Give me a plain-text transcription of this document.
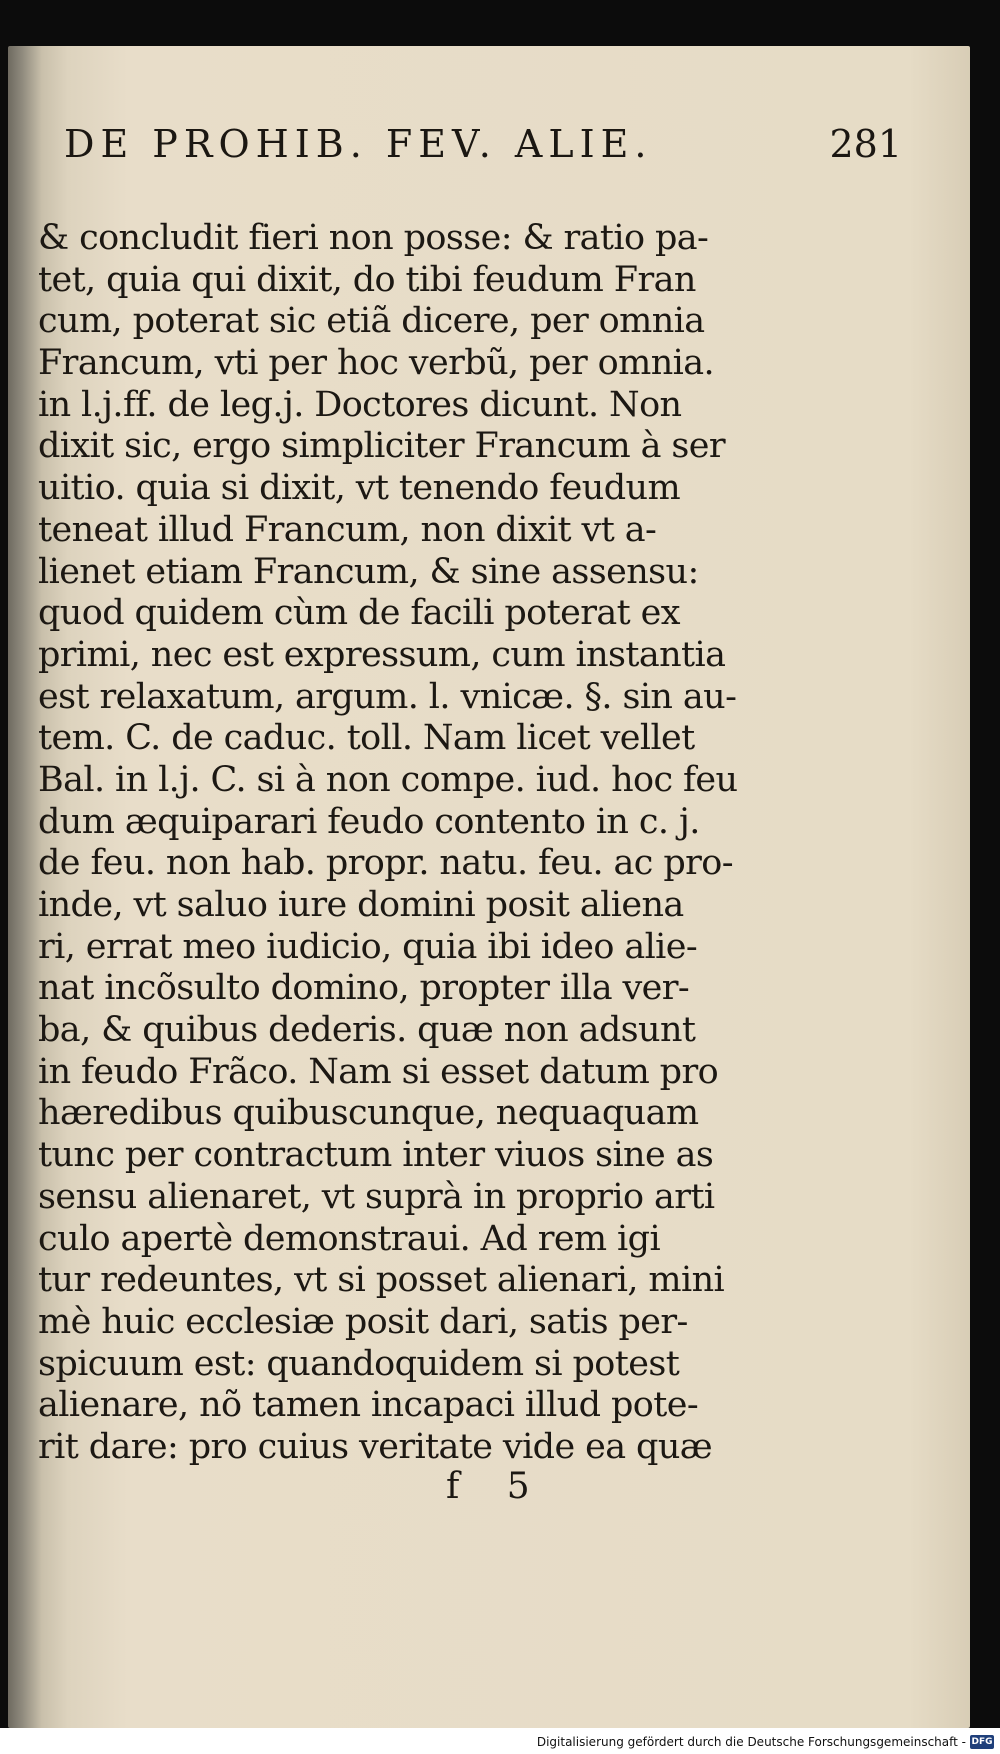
DE PROHIB. FEV. ALIE.	281
& concludit fieri non posse: & ratio pa-
tet, quia qui dixit, do tibi feudum Fran
cum, poterat sic etiã dicere, per omnia
Francum, vti per hoc verbũ, per omnia.
in l.j.ff. de leg.j. Doctores dicunt. Non
dixit sic, ergo simpliciter Francum à ser
uitio. quia si dixit, vt tenendo feudum
teneat illud Francum, non dixit vt a-
lienet etiam Francum, & sine assensu:
quod quidem cùm de facili poterat ex
primi, nec est expressum, cum instantia
est relaxatum, argum. l. vnicæ. §. sin au-
tem. C. de caduc. toll. Nam licet vellet
Bal. in l.j. C. si à non compe. iud. hoc feu
dum æquiparari feudo contento in c. j.
de feu. non hab. propr. natu. feu. ac pro-
inde, vt saluo iure domini posit aliena
ri, errat meo iudicio, quia ibi ideo alie-
nat incõsulto domino, propter illa ver-
ba, & quibus dederis. quæ non adsunt
in feudo Frãco. Nam si esset datum pro
hæredibus quibuscunque, nequaquam
tunc per contractum inter viuos sine as
sensu alienaret, vt suprà in proprio arti
culo apertè demonstraui. Ad rem igi
tur redeuntes, vt si posset alienari, mini
mè huic ecclesiæ posit dari, satis per-
spicuum est: quandoquidem si potest
alienare, nõ tamen incapaci illud pote-
rit dare: pro cuius veritate vide ea quæ
f 5
Digitalisierung gefördert durch die Deutsche Forschungsgemeinschaft - DFG
